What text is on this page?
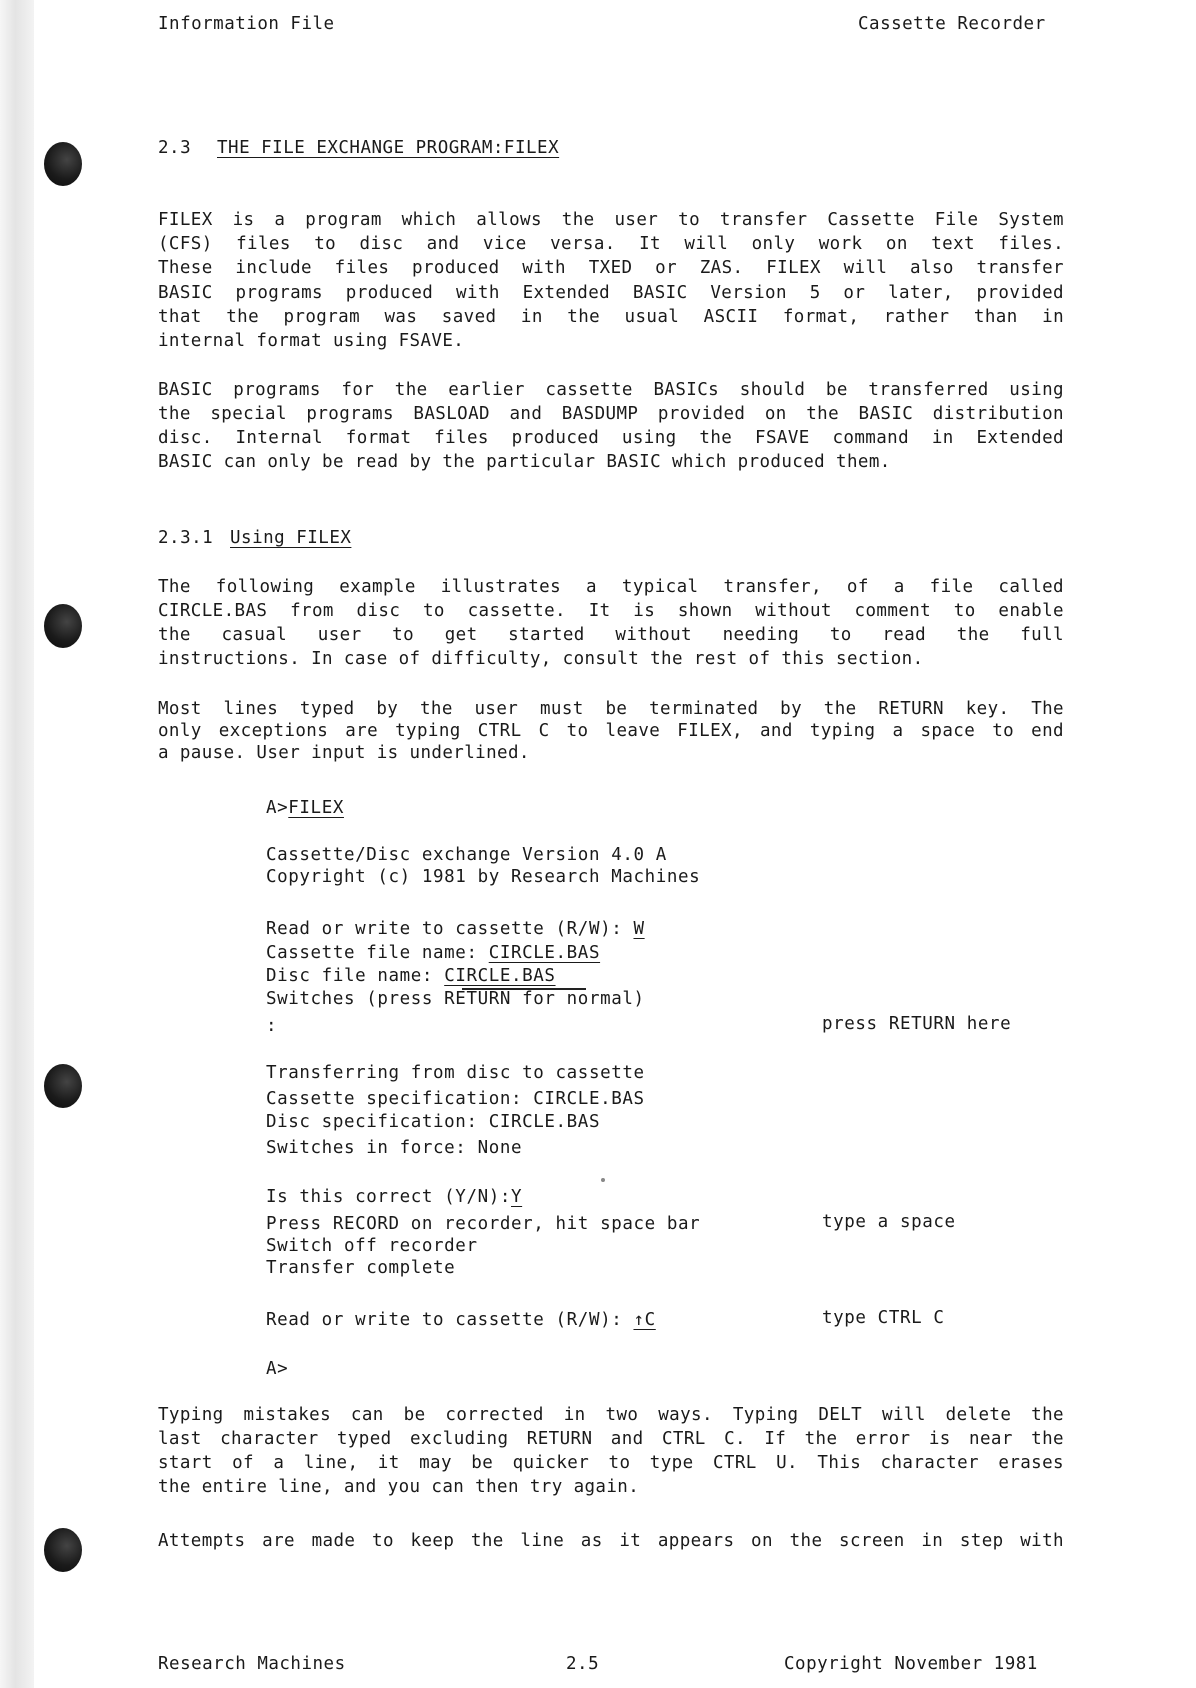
Information File	Cassette Recorder
2.3 THE FILE EXCHANGE PROGRAM:FILEX
FILEX is a program which allows the user to transfer Cassette File System
(CFS) files to disc and vice versa. It will only work on text files.
These include files produced with TXED or ZAS. FILEX will also transfer
BASIC programs produced with Extended BASIC Version 5 or later, provided
that the program was saved in the usual ASCII format, rather than in
internal format using FSAVE.
BASIC programs for the earlier cassette BASICs should be transferred using
the special programs BASLOAD and BASDUMP provided on the BASIC distribution
disc. Internal format files produced using the FSAVE command in Extended
BASIC can only be read by the particular BASIC which produced them.
2.3.1 Using FILEX
The following example illustrates a typical transfer, of a file called
CIRCLE.BAS from disc to cassette. It is shown without comment to enable
the casual user to get started without needing to read the full
instructions. In case of difficulty, consult the rest of this section.
Most lines typed by the user must be terminated by the RETURN key. The
only exceptions are typing CTRL C to leave FILEX, and typing a space to end
a pause. User input is underlined.
A>FILEX
Cassette/Disc exchange Version 4.0 A
Copyright (c) 1981 by Research Machines
Read or write to cassette (R/W): W
Cassette file name: CIRCLE.BAS
Disc file name: CIRCLE.BAS
Switches (press RETURN for normal)
:	press RETURN here
Transferring from disc to cassette
Cassette specification: CIRCLE.BAS
Disc specification: CIRCLE.BAS
Switches in force: None
Is this correct (Y/N):Y
Press RECORD on recorder, hit space bar	type a space
Switch off recorder
Transfer complete
Read or write to cassette (R/W): ↑C	type CTRL C
A>
Typing mistakes can be corrected in two ways. Typing DELT will delete the
last character typed excluding RETURN and CTRL C. If the error is near the
start of a line, it may be quicker to type CTRL U. This character erases
the entire line, and you can then try again.
Attempts are made to keep the line as it appears on the screen in step with
Research Machines	2.5	Copyright November 1981
